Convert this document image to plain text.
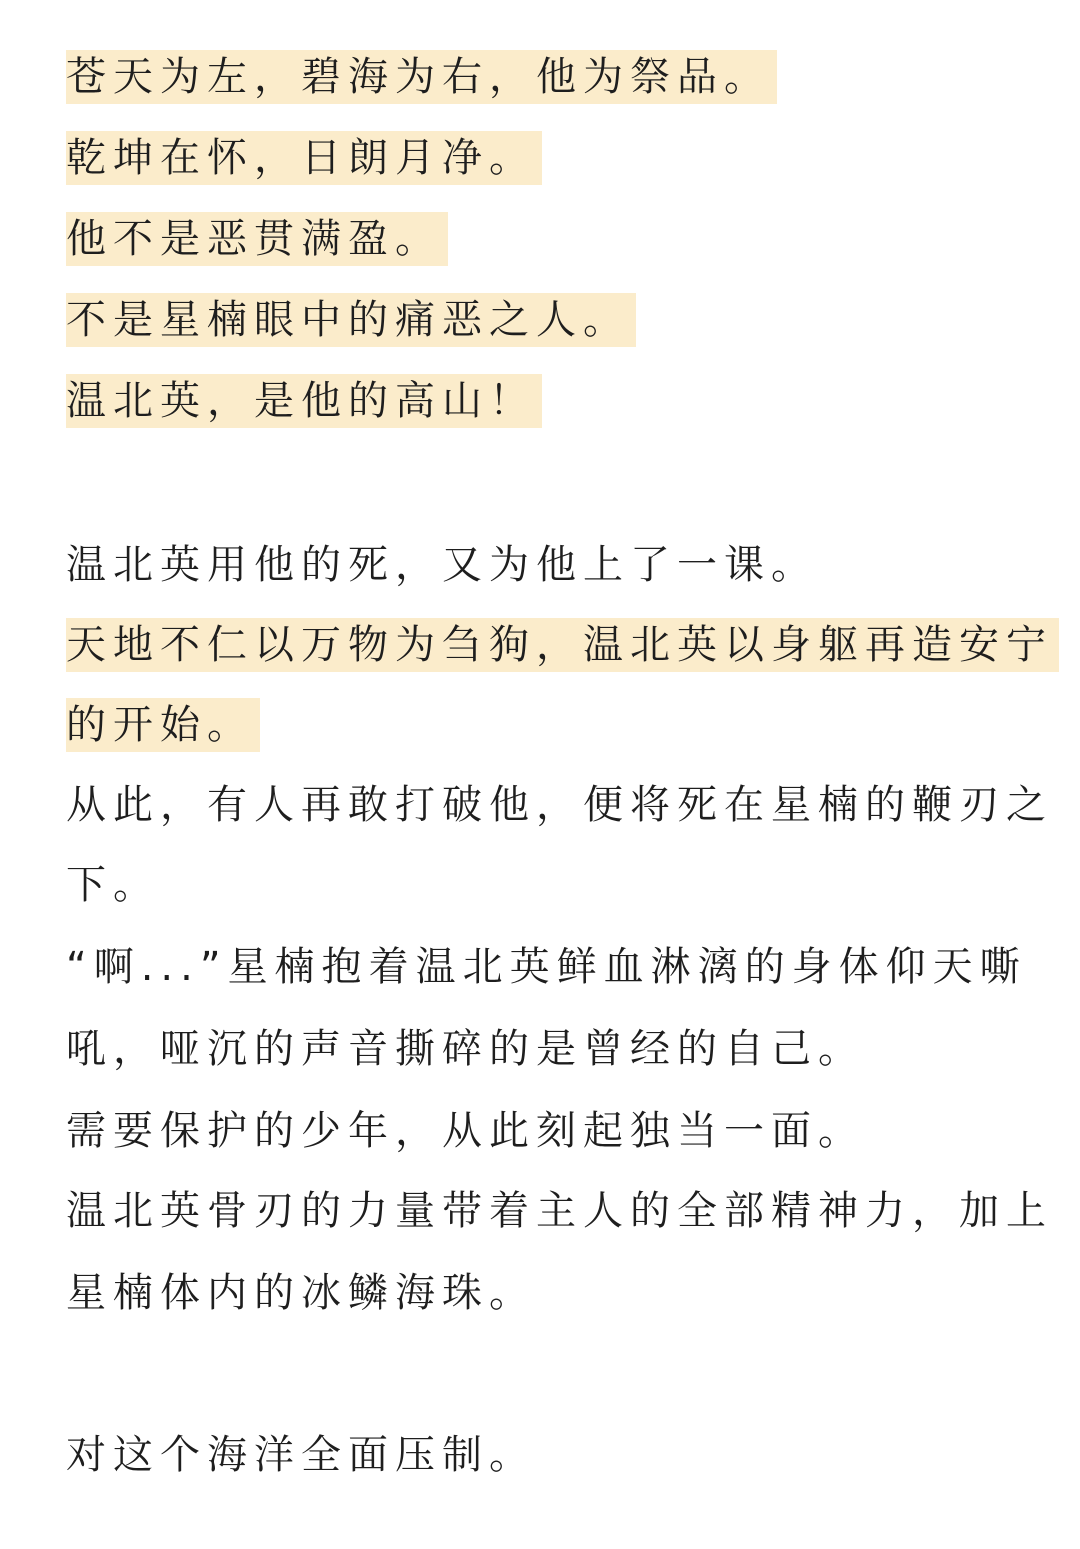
苍天为左，碧海为右，他为祭品。
乾坤在怀，日朗月净。
他不是恶贯满盈。
不是星楠眼中的痛恶之人。
温北英，是他的高山！
温北英用他的死，又为他上了一课。
天地不仁以万物为刍狗，温北英以身躯再造安宁
的开始。
从此，有人再敢打破他，便将死在星楠的鞭刃之
下。
“啊...”星楠抱着温北英鲜血淋漓的身体仰天嘶
吼，哑沉的声音撕碎的是曾经的自己。
需要保护的少年，从此刻起独当一面。
温北英骨刃的力量带着主人的全部精神力，加上
星楠体内的冰鳞海珠。
对这个海洋全面压制。
